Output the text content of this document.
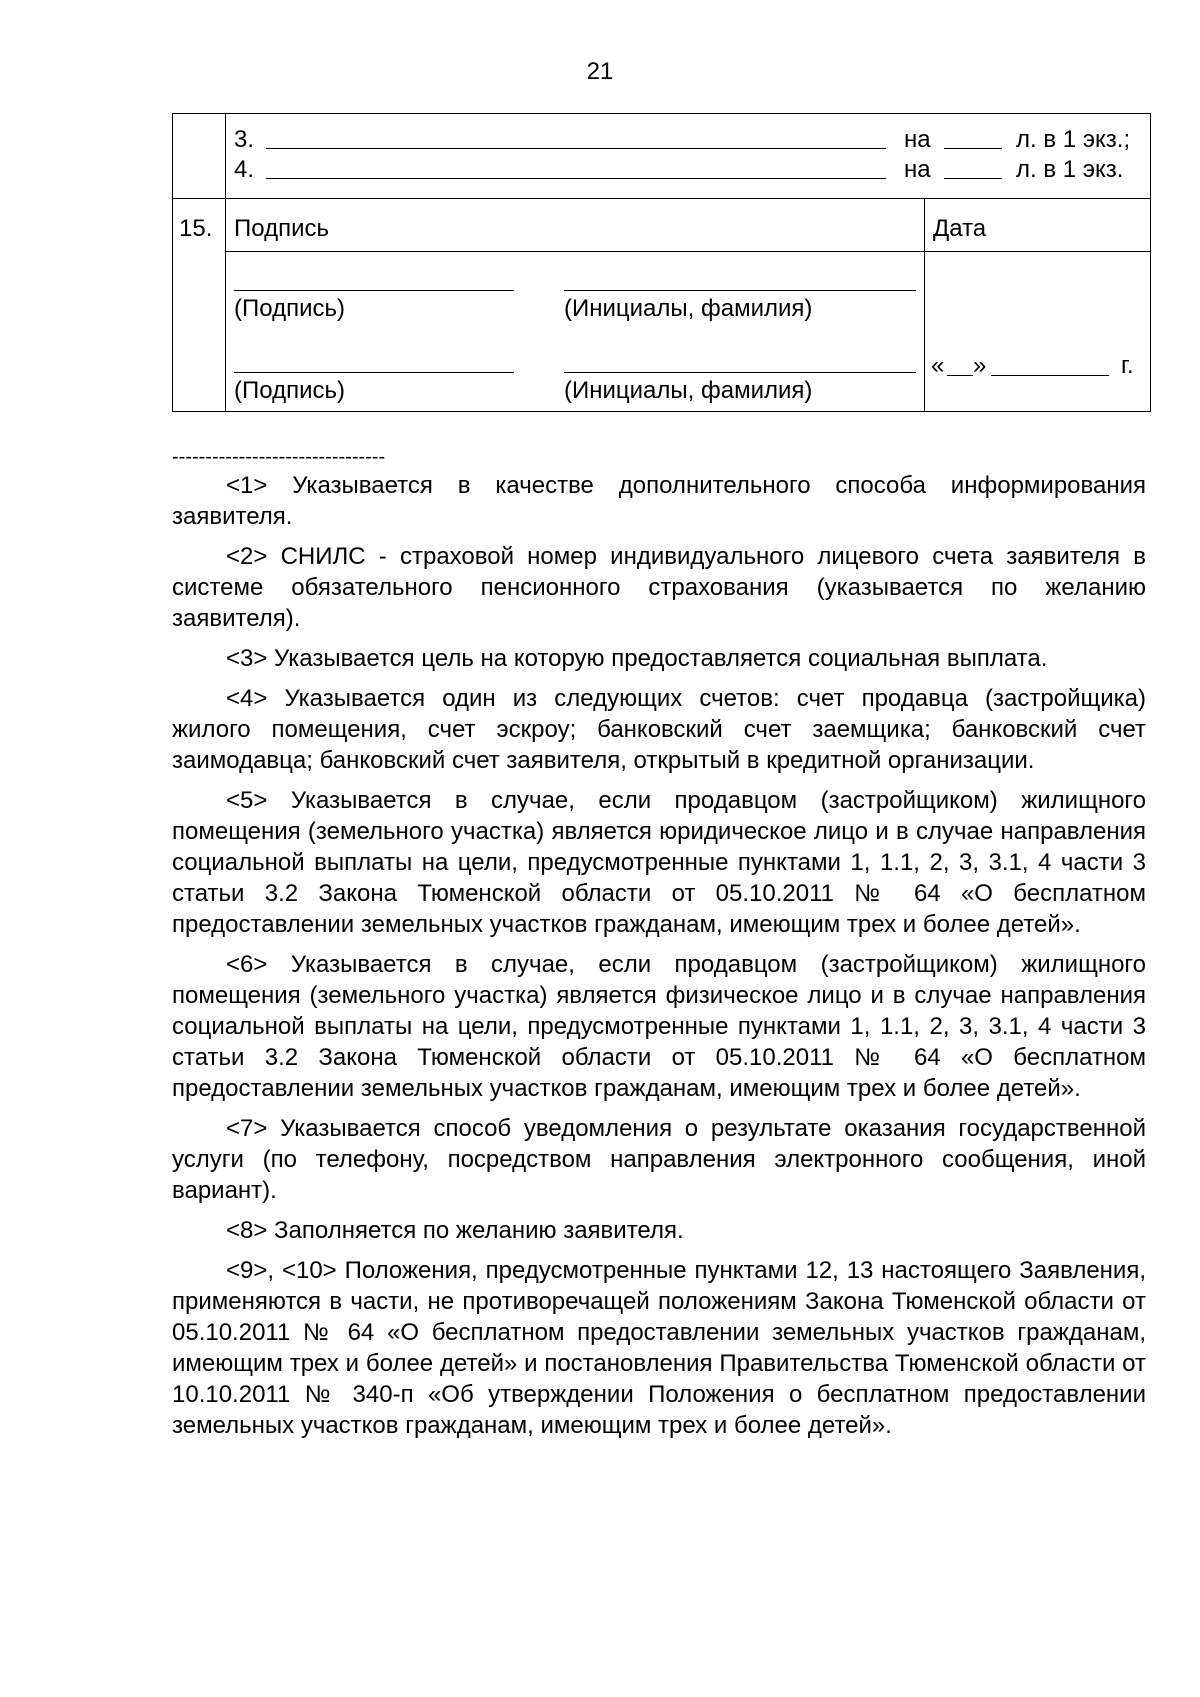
21
3.	на	л. в 1 экз.;
4.	на	л. в 1 экз.
15. Подпись	Дата
(Подпись)	(Инициалы, фамилия)
(Подпись)	(Инициалы, фамилия)
« »	г.
--------------------------------

<1> Указывается в качестве дополнительного способа информирования заявителя.

<2> СНИЛС - страховой номер индивидуального лицевого счета заявителя в системе обязательного пенсионного страхования (указывается по желанию заявителя).

<3> Указывается цель на которую предоставляется социальная выплата.

<4> Указывается один из следующих счетов: счет продавца (застройщика) жилого помещения, счет эскроу; банковский счет заемщика; банковский счет заимодавца; банковский счет заявителя, открытый в кредитной организации.

<5> Указывается в случае, если продавцом (застройщиком) жилищного помещения (земельного участка) является юридическое лицо и в случае направления социальной выплаты на цели, предусмотренные пунктами 1, 1.1, 2, 3, 3.1, 4 части 3 статьи 3.2 Закона Тюменской области от 05.10.2011 № 64 «О бесплатном предоставлении земельных участков гражданам, имеющим трех и более детей».

<6> Указывается в случае, если продавцом (застройщиком) жилищного помещения (земельного участка) является физическое лицо и в случае направления социальной выплаты на цели, предусмотренные пунктами 1, 1.1, 2, 3, 3.1, 4 части 3 статьи 3.2 Закона Тюменской области от 05.10.2011 № 64 «О бесплатном предоставлении земельных участков гражданам, имеющим трех и более детей».

<7> Указывается способ уведомления о результате оказания государственной услуги (по телефону, посредством направления электронного сообщения, иной вариант).

<8> Заполняется по желанию заявителя.

<9>, <10> Положения, предусмотренные пунктами 12, 13 настоящего Заявления, применяются в части, не противоречащей положениям Закона Тюменской области от 05.10.2011 № 64 «О бесплатном предоставлении земельных участков гражданам, имеющим трех и более детей» и постановления Правительства Тюменской области от 10.10.2011 № 340-п «Об утверждении Положения о бесплатном предоставлении земельных участков гражданам, имеющим трех и более детей».
